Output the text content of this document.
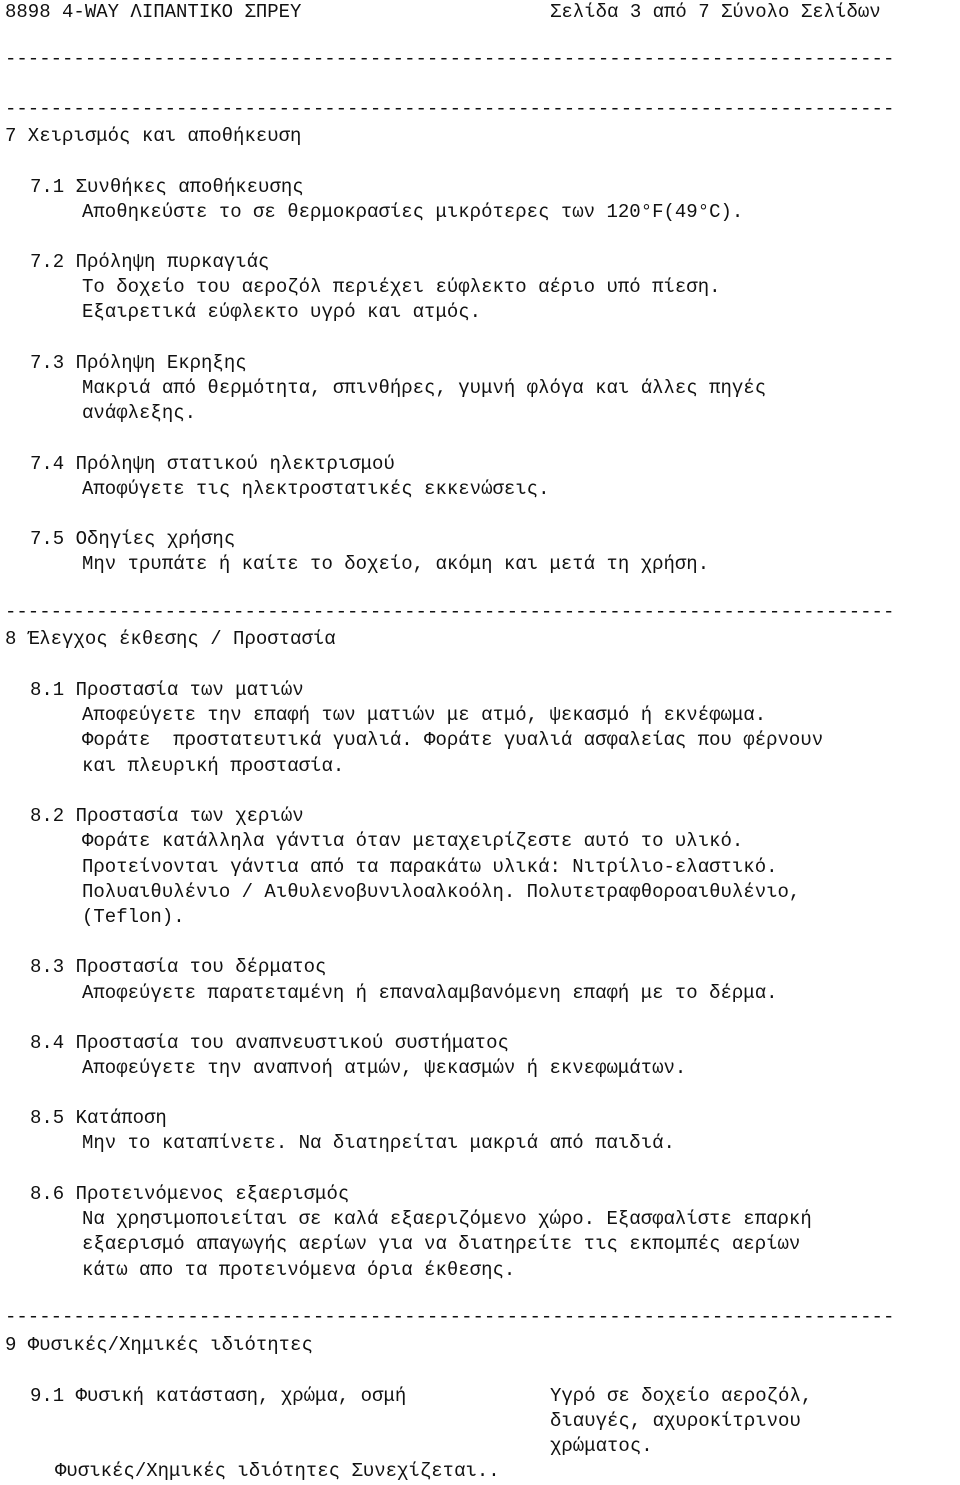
8898 4-WAY ΛΙΠΑΝΤΙΚΟ ΣΠΡΕΥ	Σελίδα 3 από 7 Σύνολο Σελίδων
------------------------------------------------------------------------------
------------------------------------------------------------------------------
7 Χειρισμός και αποθήκευση
7.1 Συνθήκες αποθήκευσης
Αποθηκεύστε το σε θερμοκρασίες μικρότερες των 120°F(49°C).
7.2 Πρόληψη πυρκαγιάς
Το δοχείο του αεροζόλ περιέχει εύφλεκτο αέριο υπό πίεση.
Εξαιρετικά εύφλεκτο υγρό και ατμός.
7.3 Πρόληψη Εκρηξης
Μακριά από θερμότητα, σπινθήρες, γυμνή φλόγα και άλλες πηγές
ανάφλεξης.
7.4 Πρόληψη στατικού ηλεκτρισμού
Αποφύγετε τις ηλεκτροστατικές εκκενώσεις.
7.5 Οδηγίες χρήσης
Μην τρυπάτε ή καίτε το δοχείο, ακόμη και μετά τη χρήση.
------------------------------------------------------------------------------
8 Έλεγχος έκθεσης / Προστασία
8.1 Προστασία των ματιών
Αποφεύγετε την επαφή των ματιών με ατμό, ψεκασμό ή εκνέφωμα.
Φοράτε  προστατευτικά γυαλιά. Φοράτε γυαλιά ασφαλείας που φέρνουν
και πλευρική προστασία.
8.2 Προστασία των χεριών
Φοράτε κατάλληλα γάντια όταν μεταχειρίζεστε αυτό το υλικό.
Προτείνονται γάντια από τα παρακάτω υλικά: Νιτρίλιο-ελαστικό.
Πολυαιθυλένιο / Αιθυλενοβυνιλοαλκοόλη. Πολυτετραφθοροαιθυλένιο,
(Teflon).
8.3 Προστασία του δέρματος
Αποφεύγετε παρατεταμένη ή επαναλαμβανόμενη επαφή με το δέρμα.
8.4 Προστασία του αναπνευστικού συστήματος
Αποφεύγετε την αναπνοή ατμών, ψεκασμών ή εκνεφωμάτων.
8.5 Κατάποση
Μην το καταπίνετε. Να διατηρείται μακριά από παιδιά.
8.6 Προτεινόμενος εξαερισμός
Να χρησιμοποιείται σε καλά εξαεριζόμενο χώρο. Εξασφαλίστε επαρκή
εξαερισμό απαγωγής αερίων για να διατηρείτε τις εκπομπές αερίων
κάτω απο τα προτεινόμενα όρια έκθεσης.
------------------------------------------------------------------------------
9 Φυσικές/Χημικές ιδιότητες
9.1 Φυσική κατάσταση, χρώμα, οσμή	Υγρό σε δοχείο αεροζόλ,
διαυγές, αχυροκίτρινου
χρώματος.
Φυσικές/Χημικές ιδιότητες Συνεχίζεται..
